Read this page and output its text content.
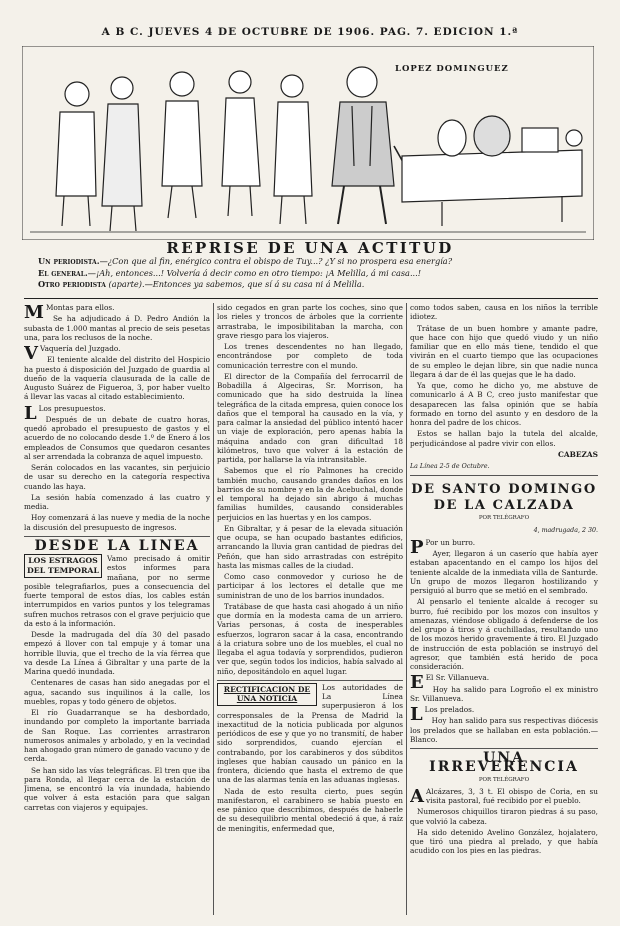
A B C. JUEVES 4 DE OCTUBRE DE 1906. PAG. 7. EDICION 1.ª
LOPEZ DOMINGUEZ
REPRISE DE UNA ACTITUD
Un periodista.—¿Con que al fin, enérgico contra el obispo de Tuy...? ¿Y si no prospera esa energía?
El general.—¡Ah, entonces...! Volvería á decir como en otro tiempo: ¡A Melilla, á mi casa...!
Otro periodista (aparte).—Entonces ya sabemos, que sí á su casa ni á Melilla.

M Montas para ellos.

Se ha adjudicado á D. Pedro Andión la subasta de 1.000 mantas al precio de seis pesetas una, para los reclusos de la noche.

V Vaquería del Juzgado.

El teniente alcalde del distrito del Hospicio ha puesto á disposición del Juzgado de guardia al dueño de la vaquería clausurada de la calle de Augusto Suárez de Figueroa, 3, por haber vuelto á llevar las vacas al citado establecimiento.

L Los presupuestos.

Después de un debate de cuatro horas, quedó aprobado el presupuesto de gastos y el acuerdo de no colocando desde 1.º de Enero á los empleados de Consumos que quedaron cesantes al ser arrendada la cobranza de aquel impuesto.

Serán colocados en las vacantes, sin perjuicio de usar su derecho en la categoría respectiva cuando las haya.

La sesión había comenzado á las cuatro y media.

Hoy comenzará á las nueve y media de la noche la discusión del presupuesto de ingresos.

DESDE LA LINEA
LOS ESTRAGOS DEL TEMPORAL

Vamo precisado á omitir estos informes para mañana, por no serme posible telegrafiarlos, pues a consecuencia del fuerte temporal de estos días, los cables están interrumpidos en varios puntos y los telegramas sufren muchos retrasos con el grave perjuicio que da esto á la información.

Desde la madrugada del día 30 del pasado empezó á llover con tal empuje y á tomar una horrible lluvia, que el trecho de la vía férrea que va desde La Línea á Gibraltar y una parte de la Marina quedó inundada.

Centenares de casas han sido anegadas por el agua, sacando sus inquilinos á la calle, los muebles, ropas y todo género de objetos.

El río Guadarranque se ha desbordado, inundando por completo la importante barriada de San Roque. Las corrientes arrastraron numerosos animales y arbolado, y en la vecindad han ahogado gran número de ganado vacuno y de cerda.

Se han sido las vías telegráficas. El tren que iba para Ronda, al llegar cerca de la estación de Jimena, se encontró la vía inundada, habiendo que volver á esta estación para que salgan carretas con viajeros y equipajes.

sido cegados en gran parte los coches, sino que los rieles y troncos de árboles que la corriente arrastraba, le imposibilitaban la marcha, con grave riesgo para los viajeros.

Los trenes descendentes no han llegado, encontrándose por completo de toda comunicación terrestre con el mundo.

El director de la Compañía del ferrocarril de Bobadilla á Algeciras, Sr. Morrison, ha comunicado que ha sido destruida la línea telegráfica de la citada empresa, quien conoce los daños que el temporal ha causado en la vía, y para calmar la ansiedad del público intentó hacer un viaje de exploración, pero apenas había la máquina andado con gran dificultad 18 kilómetros, tuvo que volver á la estación de partida, por hallarse la vía intransitable.

Sabemos que el río Palmones ha crecido también mucho, causando grandes daños en los barrios de su nombre y en la de Acebuchal, donde el temporal ha dejado sin abrigo á muchas familias humildes, causando considerables perjuicios en las huertas y en los campos.

En Gibraltar, y á pesar de la elevada situación que ocupa, se han ocupado bastantes edificios, arrancando la lluvia gran cantidad de piedras del Peñón, que han sido arrastradas con estrépito hasta las mismas calles de la ciudad.

Como caso conmovedor y curioso he de participar á los lectores el detalle que me suministran de uno de los barrios inundados.

Tratábase de que hasta casi ahogado á un niño que dormía en la modesta cama de un arriero. Varias personas, á costa de inesperables esfuerzos, lograron sacar á la casa, encontrando á la criatura sobre uno de los muebles, el cual no llegaba el agua todavía y sorprendidos, pudieron ver que, según todos los indicios, había salvado al niño, depositándolo en aquel lugar.

RECTIFICACION DE UNA NOTICIA

Los autoridades de La Línea superpusieron á los corresponsales de la Prensa de Madrid la inexactitud de la noticia publicada por algunos periódicos de ese y que yo no transmití, de haber sido sorprendidos, cuando ejercían el contrabando, por los carabineros y dos súbditos ingleses que habían causado un pánico en la frontera, diciendo que hasta el extremo de que una de las alarmas tenía en las aduanas inglesas.

Nada de esto resulta cierto, pues según manifestaron, el carabinero se había puesto en ese pánico que describimos, después de haberle de su desequilibrio mental obedeció á que, á raíz de meningitis, enfermedad que,

como todos saben, causa en los niños la terrible idiotez.

Trátase de un buen hombre y amante padre, que hace con hijo que quedó viudo y un niño familiar que en ello más tiene, tendido el que vivirán en el cuarto tiempo que las ocupaciones de su empleo le dejan libre, sin que nadie nunca llegara á dar de él las quejas que le ha dado.

Ya que, como he dicho yo, me abstuve de comunicarlo á A B C, creo justo manifestar que desaparecen las falsa opinión que se había formado en torno del asunto y en desdoro de la honra del padre de los chicos.

Estos se hallan bajo la tutela del alcalde, perjudicándose al padre vivir con ellos.

CABEZAS
La Línea 2-5 de Octubre.
DE SANTO DOMINGO DE LA CALZADA
POR TELÉGRAFO
4, madrugada, 2 30.

P Por un burro.

Ayer, llegaron á un caserío que había ayer estaban apacentando en el campo los hijos del teniente alcalde de la inmediata villa de Santurde. Un grupo de mozos llegaron hostilizando y persiguió al burro que se metió en el sembrado.

Al pensarlo el teniente alcalde á recoger su burro, fué recibido por los mozos con insultos y amenazas, viéndose obligado á defenderse de los del grupo á tiros y á cuchilladas, resultando uno de los mozos herido gravemente á tiro. El Juzgado de instrucción de esta población se instruyó del agresor, que también está herido de poca consideración.

E El Sr. Villanueva.

Hoy ha salido para Logroño el ex ministro Sr. Villanueva.

L Los prelados.

Hoy han salido para sus respectivas diócesis los prelados que se hallaban en esta población.—Blanco.

UNA IRREVERENCIA
POR TELÉGRAFO

A Alcázares, 3, 3 t. El obispo de Coria, en su visita pastoral, fué recibido por el pueblo.

Numerosos chiquillos tiraron piedras á su paso, que volvió la cabeza.

Ha sido detenido Avelino González, hojalatero, que tiró una piedra al prelado, y que había acudido con los pies en las piedras.
